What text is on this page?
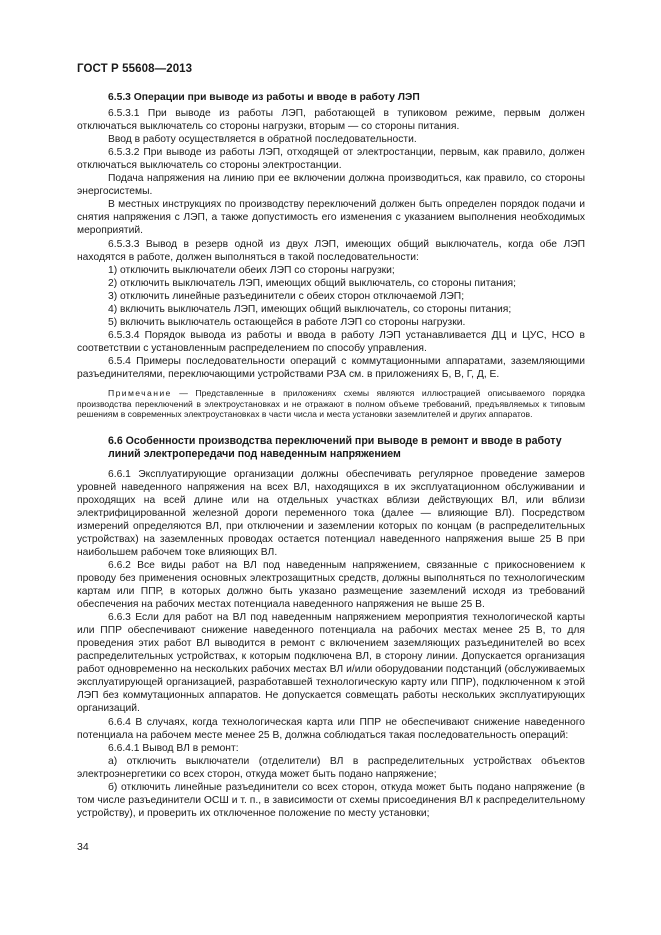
ГОСТ Р 55608—2013

6.5.3 Операции при выводе из работы и вводе в работу ЛЭП

6.5.3.1 При выводе из работы ЛЭП, работающей в тупиковом режиме, первым должен отключаться выключатель со стороны нагрузки, вторым — со стороны питания.

Ввод в работу осуществляется в обратной последовательности.

6.5.3.2 При выводе из работы ЛЭП, отходящей от электростанции, первым, как правило, должен отключаться выключатель со стороны электростанции.

Подача напряжения на линию при ее включении должна производиться, как правило, со стороны энергосистемы.

В местных инструкциях по производству переключений должен быть определен порядок подачи и снятия напряжения с ЛЭП, а также допустимость его изменения с указанием выполнения необходимых мероприятий.

6.5.3.3 Вывод в резерв одной из двух ЛЭП, имеющих общий выключатель, когда обе ЛЭП находятся в работе, должен выполняться в такой последовательности:

1) отключить выключатели обеих ЛЭП со стороны нагрузки;

2) отключить выключатель ЛЭП, имеющих общий выключатель, со стороны питания;

3) отключить линейные разъединители с обеих сторон отключаемой ЛЭП;

4) включить выключатель ЛЭП, имеющих общий выключатель, со стороны питания;

5) включить выключатель остающейся в работе ЛЭП со стороны нагрузки.

6.5.3.4 Порядок вывода из работы и ввода в работу ЛЭП устанавливается ДЦ и ЦУС, НСО в соответствии с установленным распределением по способу управления.

6.5.4 Примеры последовательности операций с коммутационными аппаратами, заземляющими разъединителями, переключающими устройствами РЗА см. в приложениях Б, В, Г, Д, Е.

Примечание — Представленные в приложениях схемы являются иллюстрацией описываемого порядка производства переключений в электроустановках и не отражают в полном объеме требований, предъявляемых к типовым решениям в современных электроустановках в части числа и места установки заземлителей и других аппаратов.

6.6 Особенности производства переключений при выводе в ремонт и вводе в работу линий электропередачи под наведенным напряжением

6.6.1 Эксплуатирующие организации должны обеспечивать регулярное проведение замеров уровней наведенного напряжения на всех ВЛ, находящихся в их эксплуатационном обслуживании и проходящих на всей длине или на отдельных участках вблизи действующих ВЛ, или вблизи электрифицированной железной дороги переменного тока (далее — влияющие ВЛ). Посредством измерений определяются ВЛ, при отключении и заземлении которых по концам (в распределительных устройствах) на заземленных проводах остается потенциал наведенного напряжения выше 25 В при наибольшем рабочем токе влияющих ВЛ.

6.6.2 Все виды работ на ВЛ под наведенным напряжением, связанные с прикосновением к проводу без применения основных электрозащитных средств, должны выполняться по технологическим картам или ППР, в которых должно быть указано размещение заземлений исходя из требований обеспечения на рабочих местах потенциала наведенного напряжения не выше 25 В.

6.6.3 Если для работ на ВЛ под наведенным напряжением мероприятия технологической карты или ППР обеспечивают снижение наведенного потенциала на рабочих местах менее 25 В, то для проведения этих работ ВЛ выводится в ремонт с включением заземляющих разъединителей во всех распределительных устройствах, к которым подключена ВЛ, в сторону линии. Допускается организация работ одновременно на нескольких рабочих местах ВЛ и/или оборудовании подстанций (обслуживаемых эксплуатирующей организацией, разработавшей технологическую карту или ППР), подключенном к этой ЛЭП без коммутационных аппаратов. Не допускается совмещать работы нескольких эксплуатирующих организаций.

6.6.4 В случаях, когда технологическая карта или ППР не обеспечивают снижение наведенного потенциала на рабочем месте менее 25 В, должна соблюдаться такая последовательность операций:

6.6.4.1 Вывод ВЛ в ремонт:

а) отключить выключатели (отделители) ВЛ в распределительных устройствах объектов электроэнергетики со всех сторон, откуда может быть подано напряжение;

б) отключить линейные разъединители со всех сторон, откуда может быть подано напряжение (в том числе разъединители ОСШ и т. п., в зависимости от схемы присоединения ВЛ к распределительному устройству), и проверить их отключенное положение по месту установки;

34
